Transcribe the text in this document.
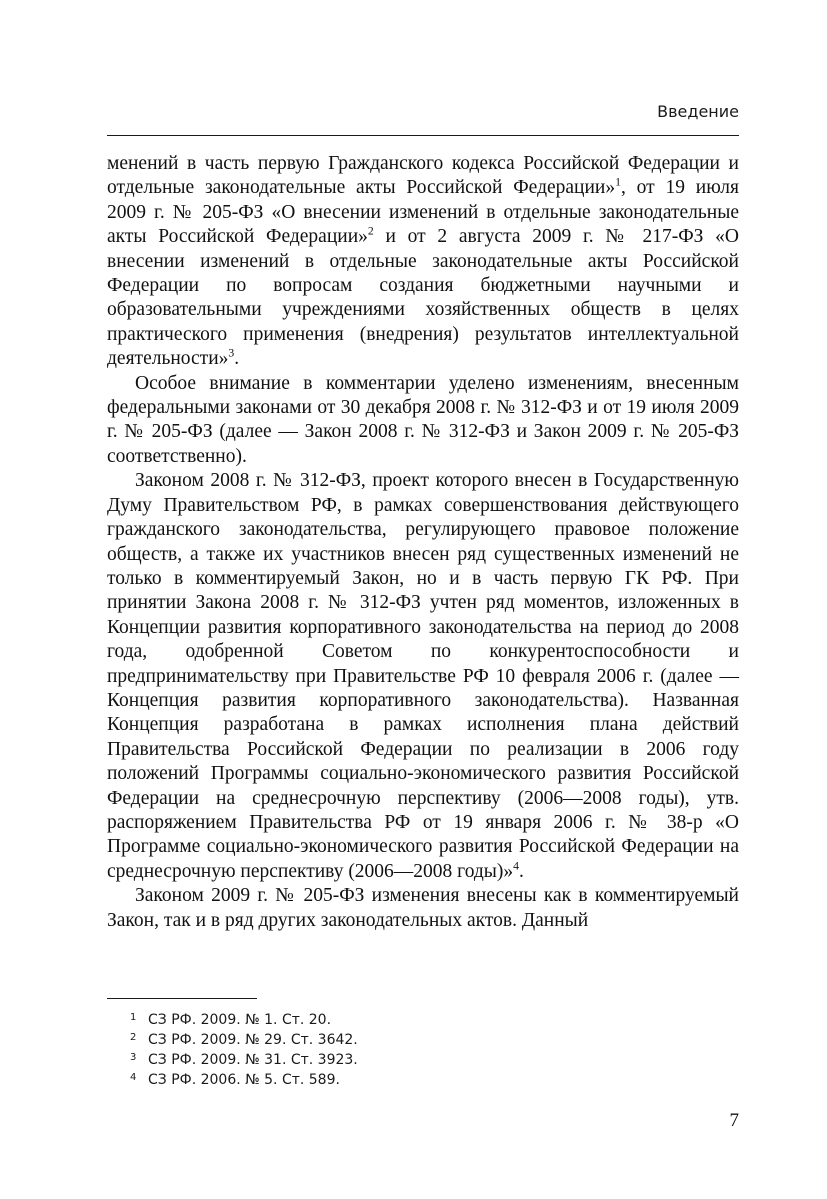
Введение

менений в часть первую Гражданского кодекса Российской Федерации и отдельные законодательные акты Российской Федерации»$^1$, от 19 июля 2009 г. № 205-ФЗ «О внесении изменений в отдельные законодательные акты Российской Федерации»$^2$ и от 2 августа 2009 г. № 217-ФЗ «О внесении изменений в отдельные законодательные акты Российской Федерации по вопросам создания бюджетными научными и образовательными учреждениями хозяйственных обществ в целях практического применения (внедрения) результатов интеллектуальной деятельности»$^3$.

Особое внимание в комментарии уделено изменениям, внесенным федеральными законами от 30 декабря 2008 г. № 312-ФЗ и от 19 июля 2009 г. № 205-ФЗ (далее — Закон 2008 г. № 312-ФЗ и Закон 2009 г. № 205-ФЗ соответственно).

Законом 2008 г. № 312-ФЗ, проект которого внесен в Государственную Думу Правительством РФ, в рамках совершенствования действующего гражданского законодательства, регулирующего правовое положение обществ, а также их участников внесен ряд существенных изменений не только в комментируемый Закон, но и в часть первую ГК РФ. При принятии Закона 2008 г. № 312-ФЗ учтен ряд моментов, изложенных в Концепции развития корпоративного законодательства на период до 2008 года, одобренной Советом по конкурентоспособности и предпринимательству при Правительстве РФ 10 февраля 2006 г. (далее — Концепция развития корпоративного законодательства). Названная Концепция разработана в рамках исполнения плана действий Правительства Российской Федерации по реализации в 2006 году положений Программы социально-экономического развития Российской Федерации на среднесрочную перспективу (2006—2008 годы), утв. распоряжением Правительства РФ от 19 января 2006 г. № 38-р «О Программе социально-экономического развития Российской Федерации на среднесрочную перспективу (2006—2008 годы)»$^4$.

Законом 2009 г. № 205-ФЗ изменения внесены как в комментируемый Закон, так и в ряд других законодательных актов. Данный

1 СЗ РФ. 2009. № 1. Ст. 20.
2 СЗ РФ. 2009. № 29. Ст. 3642.
3 СЗ РФ. 2009. № 31. Ст. 3923.
4 СЗ РФ. 2006. № 5. Ст. 589.
7
